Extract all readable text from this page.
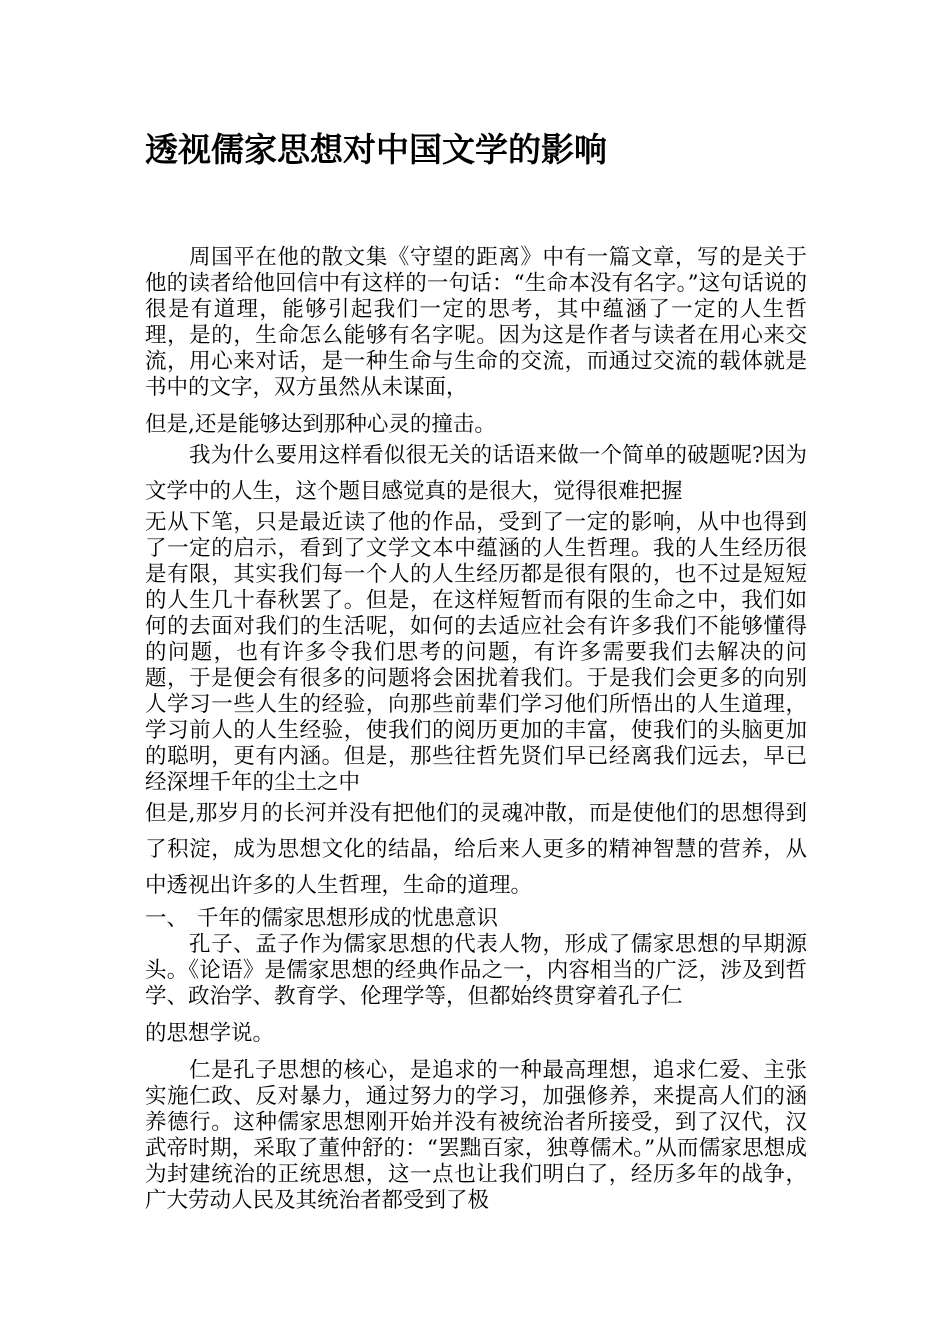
透视儒家思想对中国文学的影响

周国平在他的散文集《守望的距离》中有一篇文章，写的是关于他的读者给他回信中有这样的一句话：“生命本没有名字。”这句话说的很是有道理，能够引起我们一定的思考，其中蕴涵了一定的人生哲理，是的，生命怎么能够有名字呢。因为这是作者与读者在用心来交流，用心来对话，是一种生命与生命的交流，而通过交流的载体就是书中的文字，双方虽然从未谋面，

但是,还是能够达到那种心灵的撞击。

我为什么要用这样看似很无关的话语来做一个简单的破题呢?因为文学中的人生，这个题目感觉真的是很大，觉得很难把握

无从下笔，只是最近读了他的作品，受到了一定的影响，从中也得到了一定的启示，看到了文学文本中蕴涵的人生哲理。我的人生经历很是有限，其实我们每一个人的人生经历都是很有限的，也不过是短短的人生几十春秋罢了。但是，在这样短暂而有限的生命之中，我们如何的去面对我们的生活呢，如何的去适应社会有许多我们不能够懂得的问题，也有许多令我们思考的问题，有许多需要我们去解决的问题，于是便会有很多的问题将会困扰着我们。于是我们会更多的向别人学习一些人生的经验，向那些前辈们学习他们所悟出的人生道理，学习前人的人生经验，使我们的阅历更加的丰富，使我们的头脑更加的聪明，更有内涵。但是，那些往哲先贤们早已经离我们远去，早已经深埋千年的尘土之中

但是,那岁月的长河并没有把他们的灵魂冲散，而是使他们的思想得到了积淀，成为思想文化的结晶，给后来人更多的精神智慧的营养，从中透视出许多的人生哲理，生命的道理。

一、 千年的儒家思想形成的忧患意识

孔子、孟子作为儒家思想的代表人物，形成了儒家思想的早期源头。《论语》是儒家思想的经典作品之一，内容相当的广泛，涉及到哲学、政治学、教育学、伦理学等，但都始终贯穿着孔子仁

的思想学说。

仁是孔子思想的核心，是追求的一种最高理想，追求仁爱、主张实施仁政、反对暴力，通过努力的学习，加强修养，来提高人们的涵养德行。这种儒家思想刚开始并没有被统治者所接受，到了汉代，汉武帝时期，采取了董仲舒的：“罢黜百家，独尊儒术。”从而儒家思想成为封建统治的正统思想，这一点也让我们明白了，经历多年的战争，广大劳动人民及其统治者都受到了极
